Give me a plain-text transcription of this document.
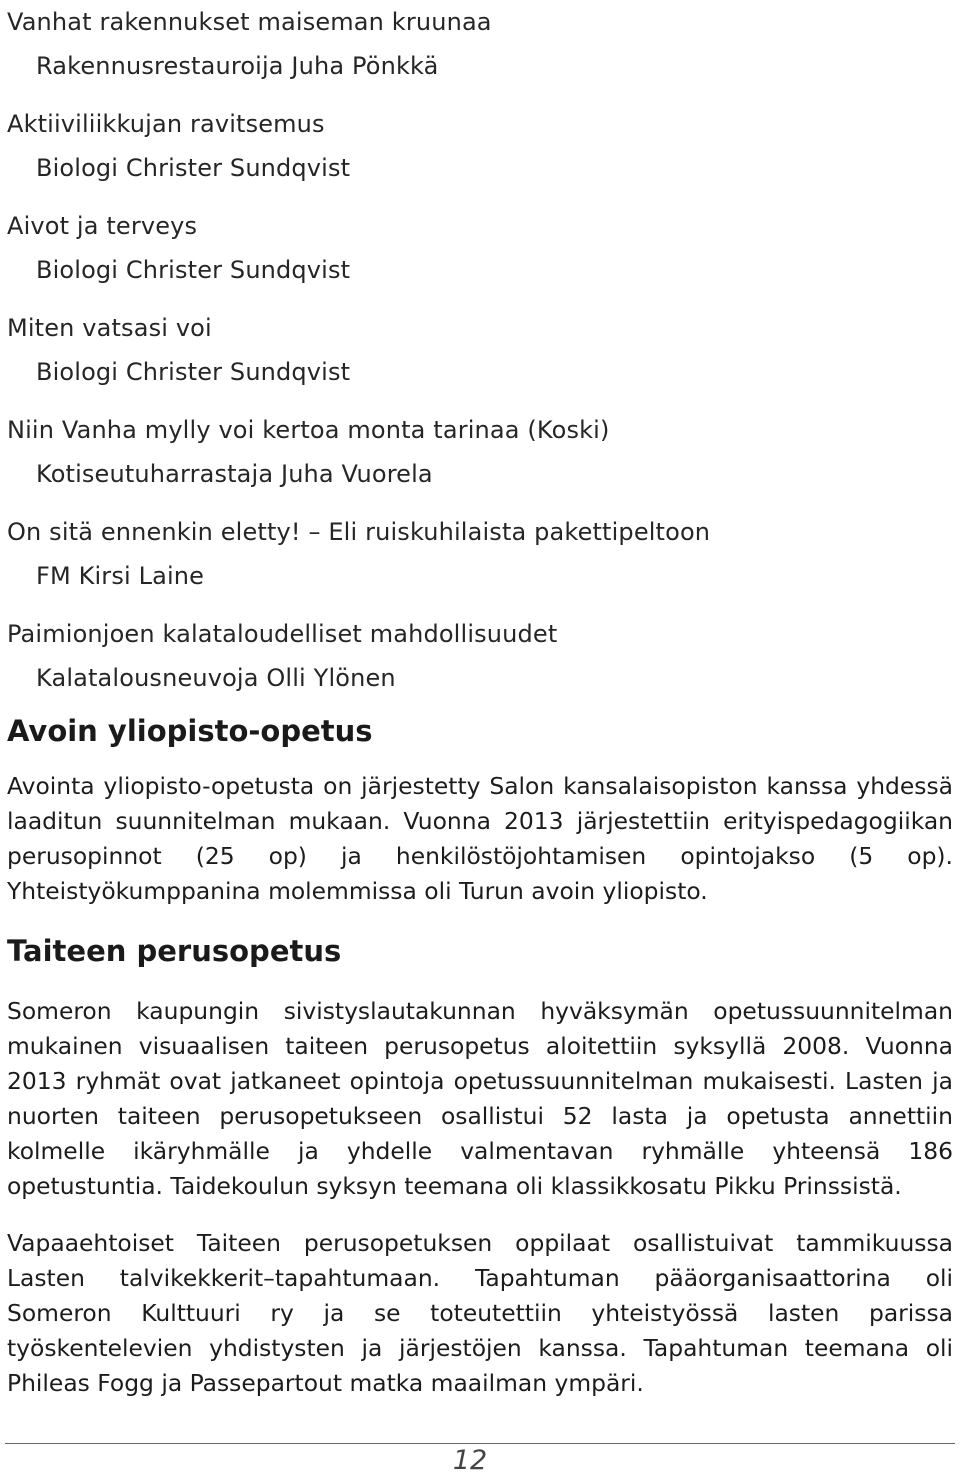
Vanhat rakennukset maiseman kruunaa
Rakennusrestauroija Juha Pönkkä
Aktiiviliikkujan ravitsemus
Biologi Christer Sundqvist
Aivot ja terveys
Biologi Christer Sundqvist
Miten vatsasi voi
Biologi Christer Sundqvist
Niin Vanha mylly voi kertoa monta tarinaa (Koski)
Kotiseutuharrastaja Juha Vuorela
On sitä ennenkin eletty! – Eli ruiskuhilaista pakettipeltoon
FM Kirsi Laine
Paimionjoen kalataloudelliset mahdollisuudet
Kalatalousneuvoja Olli Ylönen
Avoin yliopisto-opetus

Avointa yliopisto-opetusta on järjestetty Salon kansalaisopiston kanssa yhdessä laaditun suunnitelman mukaan. Vuonna 2013 järjestettiin erityispedagogiikan perusopinnot (25 op) ja henkilöstöjohtamisen opintojakso (5 op). Yhteistyökumppanina molemmissa oli Turun avoin yliopisto.

Taiteen perusopetus

Someron kaupungin sivistyslautakunnan hyväksymän opetussuunnitelman mukainen visuaalisen taiteen perusopetus aloitettiin syksyllä 2008. Vuonna 2013 ryhmät ovat jatkaneet opintoja opetussuunnitelman mukaisesti. Lasten ja nuorten taiteen perusopetukseen osallistui 52 lasta ja opetusta annettiin kolmelle ikäryhmälle ja yhdelle valmentavan ryhmälle yhteensä 186 opetustuntia. Taidekoulun syksyn teemana oli klassikkosatu Pikku Prinssistä.

Vapaaehtoiset Taiteen perusopetuksen oppilaat osallistuivat tammikuussa Lasten talvikekkerit–tapahtumaan. Tapahtuman pääorganisaattorina oli Someron Kulttuuri ry ja se toteutettiin yhteistyössä lasten parissa työskentelevien yhdistysten ja järjestöjen kanssa. Tapahtuman teemana oli Phileas Fogg ja Passepartout matka maailman ympäri.

12
